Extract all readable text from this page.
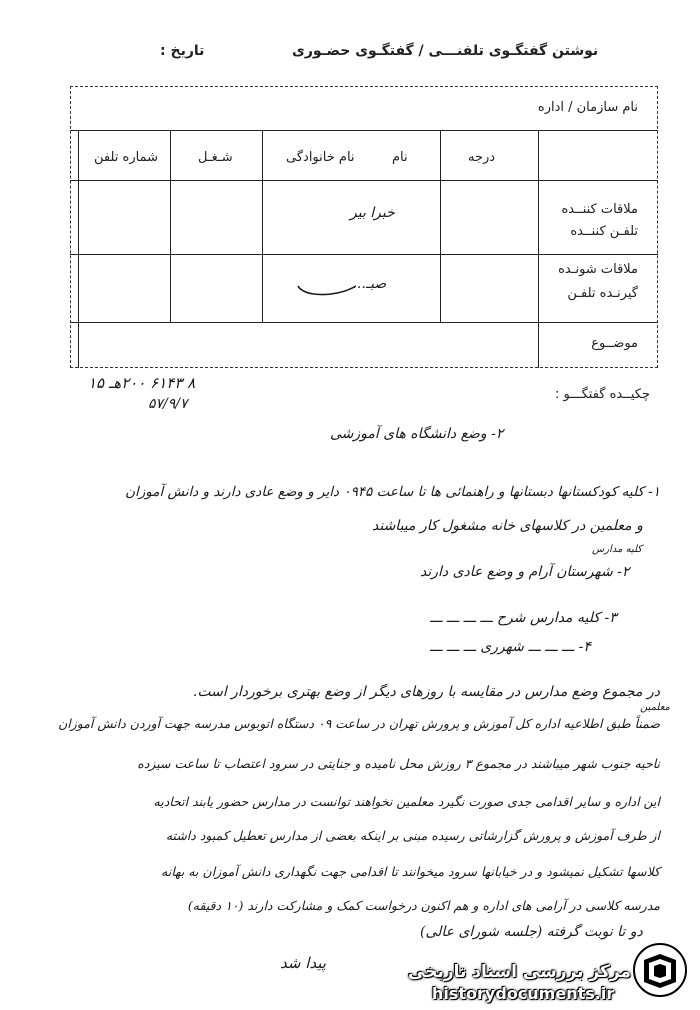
نوشتن گفتگـوی تلفنـــی / گفتگـوی حضـوری
تاریخ :
نام سازمان / اداره
درجه
نام
نام خانوادگی
شـغـل
شماره تلفن
ملاقات کننــده
تلفـن کننــده
خبرا بیر
ملاقات شونـده
گیرنـده تلفـن
صبـ…
موضــوع
۸ ۶۱۴۳ ۲۰۰هـ ۱۵
۵۷/۹/۷
چکیــده گفتگـــو :
۲- وضع دانشگاه های آموزشی
۱- کلیه کودکستانها دبستانها و راهنمائی ها تا ساعت ۰۹۴۵ دایر و وضع عادی دارند و دانش آموزان
و معلمین در کلاسهای خانه مشغول کار میباشند
کلیه مدارس
۲- شهرستان آرام و وضع عادی دارند
۳- کلیه مدارس شرح ـــ ـــ ـــ ـــ
۴- ـــ ـــ ـــ شهرری ـــ ـــ ـــ
معلمین
در مجموع وضع مدارس در مقایسه با روزهای دیگر از وضع بهتری برخوردار است.
ضمناً طبق اطلاعیه اداره کل آموزش و پرورش تهران در ساعت ۰۹ دستگاه اتوبوس مدرسه جهت آوردن دانش آموزان
ناحیه جنوب شهر میباشند در مجموع ۳ روزش محل نامیده و جنایتی در سرود اعتصاب تا ساعت سیزده
این اداره و سایر اقدامی جدی صورت نگیرد معلمین نخواهند توانست در مدارس حضور یابند اتحادیه
از طرف آموزش و پرورش گزارشاتی رسیده مبنی بر اینکه بعضی از مدارس تعطیل کمبود داشته
کلاسها تشکیل نمیشود و در خیابانها سرود میخوانند تا اقدامی جهت نگهداری دانش آموزان به بهانه
مدرسه کلاسی در آرامی های اداره و هم اکنون درخواست کمک و مشارکت دارند (۱۰ دقیقه)
دو تا نوبت گرفته (جلسه شورای عالی)
پیدا شد	مرکز بررسی اسناد تاریخی
historydocuments.ir
